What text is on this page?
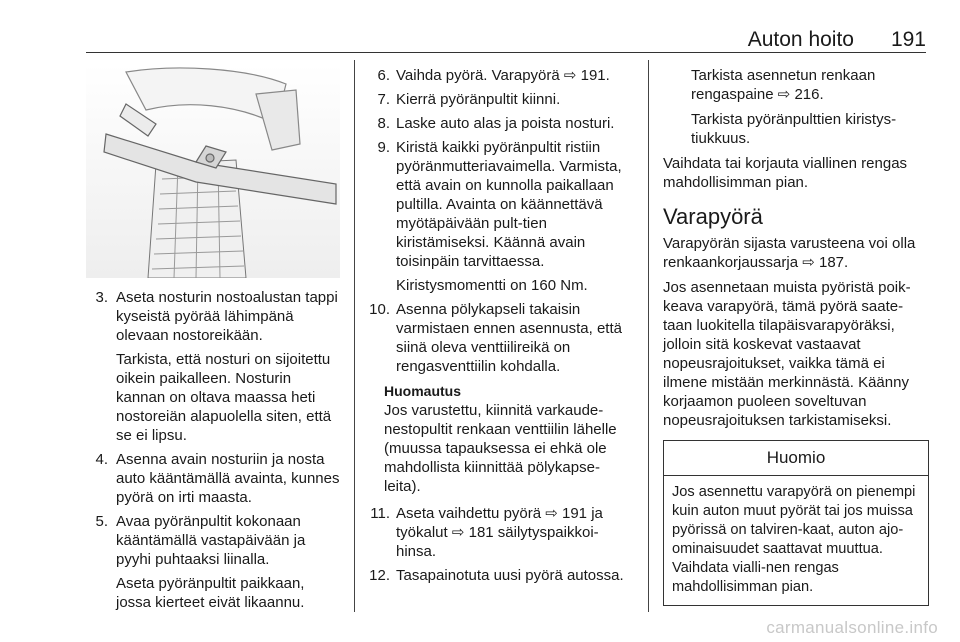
Auton hoito 191
3. Aseta nosturin nostoalustan tappi kyseistä pyörää lähimpänä olevaan nostoreikään.
Tarkista, että nosturi on sijoitettu oikein paikalleen. Nosturin kannan on oltava maassa heti nostoreiän alapuolella siten, että se ei lipsu.
4. Asenna avain nosturiin ja nosta auto kääntämällä avainta, kunnes pyörä on irti maasta.
5. Avaa pyöränpultit kokonaan kääntämällä vastapäivään ja pyyhi puhtaaksi liinalla.
Aseta pyöränpultit paikkaan, jossa kierteet eivät likaannu.
6. Vaihda pyörä. Varapyörä ⇨ 191.
7. Kierrä pyöränpultit kiinni.
8. Laske auto alas ja poista nosturi.
9. Kiristä kaikki pyöränpultit ristiin pyöränmutteriavaimella. Varmista, että avain on kunnolla paikallaan pultilla. Avainta on käännettävä myötäpäivään pult-tien kiristämiseksi. Käännä avain toisinpäin tarvittaessa.
Kiristysmomentti on 160 Nm.
10. Asenna pölykapseli takaisin varmistaen ennen asennusta, että siinä oleva venttiilireikä on rengasventtiilin kohdalla.
Huomautus
Jos varustettu, kiinnitä varkaude-nestopultit renkaan venttiilin lähelle (muussa tapauksessa ei ehkä ole mahdollista kiinnittää pölykapse-leita).
11. Aseta vaihdettu pyörä ⇨ 191 ja työkalut ⇨ 181 säilytyspaikkoi-hinsa.
12. Tasapainotuta uusi pyörä autossa.
Tarkista asennetun renkaan rengaspaine ⇨ 216.
Tarkista pyöränpulttien kiristys-tiukkuus.

Vaihdata tai korjauta viallinen rengas mahdollisimman pian.

Varapyörä

Varapyörän sijasta varusteena voi olla renkaankorjaussarja ⇨ 187.

Jos asennetaan muista pyöristä poik-keava varapyörä, tämä pyörä saate-taan luokitella tilapäisvarapyöräksi, jolloin sitä koskevat vastaavat nopeusrajoitukset, vaikka tämä ei ilmene mistään merkinnästä. Käänny korjaamon puoleen soveltuvan nopeusrajoituksen tarkistamiseksi.

Huomio
Jos asennettu varapyörä on pienempi kuin auton muut pyörät tai jos muissa pyörissä on talviren-kaat, auton ajo-ominaisuudet saattavat muuttua. Vaihdata vialli-nen rengas mahdollisimman pian.
carmanualsonline.info
